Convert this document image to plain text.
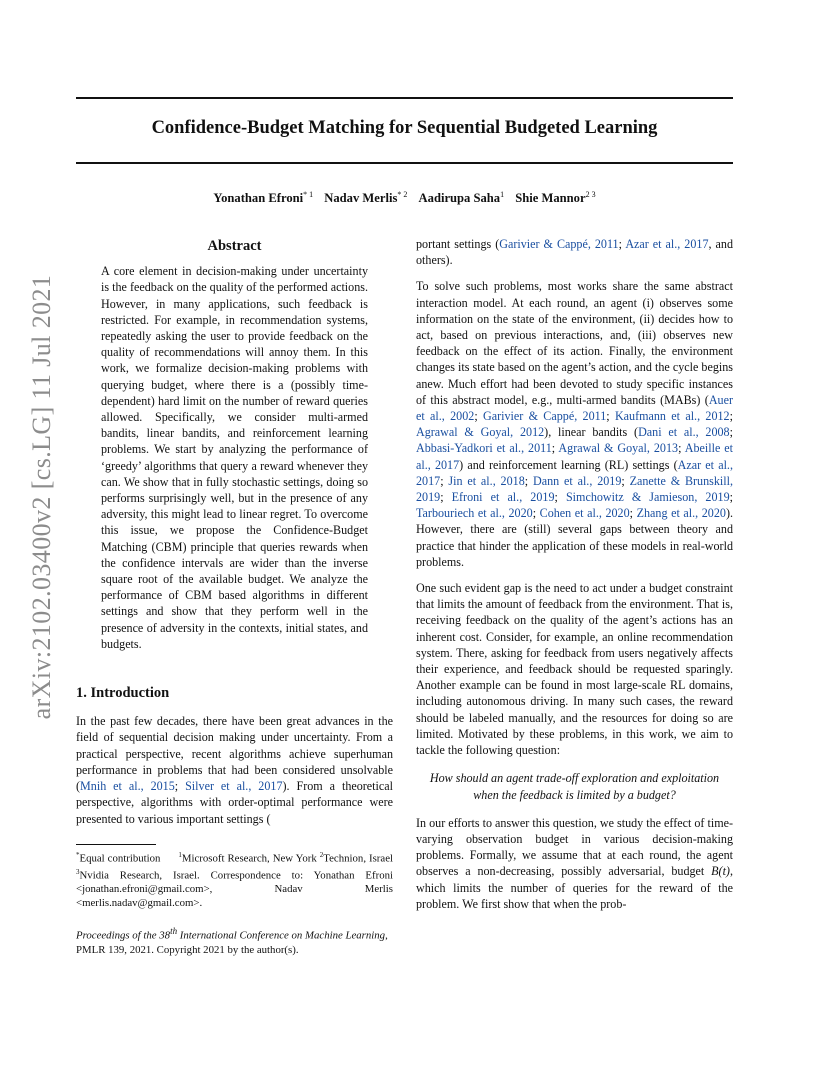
Confidence-Budget Matching for Sequential Budgeted Learning
Yonathan Efroni$^{* 1}$ Nadav Merlis$^{* 2}$ Aadirupa Saha$^1$ Shie Mannor$^{2 3}$
arXiv:2102.03400v2 [cs.LG] 11 Jul 2021
Abstract

A core element in decision-making under uncertainty is the feedback on the quality of the performed actions. However, in many applications, such feedback is restricted. For example, in recommendation systems, repeatedly asking the user to provide feedback on the quality of recommendations will annoy them. In this work, we formalize decision-making problems with querying budget, where there is a (possibly time-dependent) hard limit on the number of reward queries allowed. Specifically, we consider multi-armed bandits, linear bandits, and reinforcement learning problems. We start by analyzing the performance of ‘greedy’ algorithms that query a reward whenever they can. We show that in fully stochastic settings, doing so performs surprisingly well, but in the presence of any adversity, this might lead to linear regret. To overcome this issue, we propose the Confidence-Budget Matching (CBM) principle that queries rewards when the confidence intervals are wider than the inverse square root of the available budget. We analyze the performance of CBM based algorithms in different settings and show that they perform well in the presence of adversity in the contexts, initial states, and budgets.

1. Introduction

In the past few decades, there have been great advances in the field of sequential decision making under uncertainty. From a practical perspective, recent algorithms achieve superhuman performance in problems that had been considered unsolvable (Mnih et al., 2015; Silver et al., 2017). From a theoretical perspective, algorithms with order-optimal performance were presented to various important settings (

*Equal contribution	$^1$Microsoft Research, New York $^2$Technion, Israel $^3$Nvidia Research, Israel. Correspondence to: Yonathan Efroni <jonathan.efroni@gmail.com>, Nadav Merlis <merlis.nadav@gmail.com>.

Proceedings of the 38th International Conference on Machine Learning, PMLR 139, 2021. Copyright 2021 by the author(s).

portant settings (Garivier & Cappé, 2011; Azar et al., 2017, and others).

To solve such problems, most works share the same abstract interaction model. At each round, an agent (i) observes some information on the state of the environment, (ii) decides how to act, based on previous interactions, and, (iii) observes new feedback on the effect of its action. Finally, the environment changes its state based on the agent’s action, and the cycle begins anew. Much effort had been devoted to study specific instances of this abstract model, e.g., multi-armed bandits (MABs) (Auer et al., 2002; Garivier & Cappé, 2011; Kaufmann et al., 2012; Agrawal & Goyal, 2012), linear bandits (Dani et al., 2008; Abbasi-Yadkori et al., 2011; Agrawal & Goyal, 2013; Abeille et al., 2017) and reinforcement learning (RL) settings (Azar et al., 2017; Jin et al., 2018; Dann et al., 2019; Zanette & Brunskill, 2019; Efroni et al., 2019; Simchowitz & Jamieson, 2019; Tarbouriech et al., 2020; Cohen et al., 2020; Zhang et al., 2020). However, there are (still) several gaps between theory and practice that hinder the application of these models in real-world problems.

One such evident gap is the need to act under a budget constraint that limits the amount of feedback from the environment. That is, receiving feedback on the quality of the agent’s actions has an inherent cost. Consider, for example, an online recommendation system. There, asking for feedback from users negatively affects their experience, and feedback should be requested sparingly. Another example can be found in most large-scale RL domains, including autonomous driving. In many such cases, the reward should be labeled manually, and the resources for doing so are limited. Motivated by these problems, in this work, we aim to tackle the following question:

How should an agent trade-off exploration and exploitation when the feedback is limited by a budget?

In our efforts to answer this question, we study the effect of time-varying observation budget in various decision-making problems. Formally, we assume that at each round, the agent observes a non-decreasing, possibly adversarial, budget B(t), which limits the number of queries for the reward of the problem. We first show that when the prob-
